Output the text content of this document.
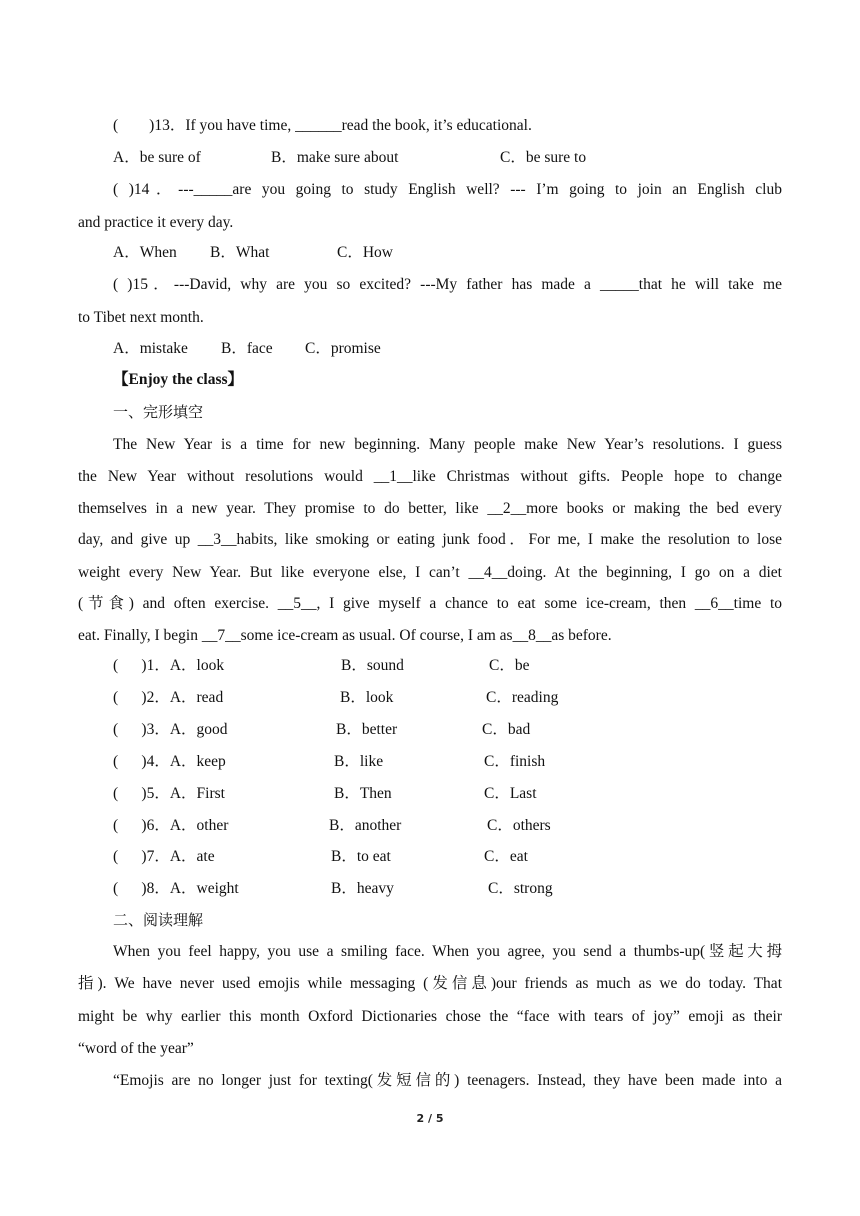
(        )13．If you have time, ______read the book, it’s educational.
A．be sure of	B．make sure about	C．be sure to
( )14．---_____are you going to study English well? --- I’m going to join an English club
and practice it every day.
A．When B．What	C．How
( )15．---David, why are you so excited? ---My father has made a _____that he will take me
to Tibet next month.
A．mistake B．face C．promise
【Enjoy the class】
一、完形填空
The New Year is a time for new beginning. Many people make New Year’s resolutions. I guess
the New Year without resolutions would __1__like Christmas without gifts. People hope to change
themselves in a new year. They promise to do better, like __2__more books or making the bed every
day, and give up __3__habits, like smoking or eating junk food．For me, I make the resolution to lose
weight every New Year. But like everyone else, I can’t __4__doing. At the beginning, I go on a diet
(节食) and often exercise. __5__, I give myself a chance to eat some ice-cream, then __6__time to
eat. Finally, I begin __7__some ice-cream as usual. Of course, I am as__8__as before.
(      )1．A．look	B．sound	C．be
(      )2．A．read	B．look	C．reading
(      )3．A．good	B．better	C．bad
(      )4．A．keep	B．like	C．finish
(      )5．A．First	B．Then	C．Last
(      )6．A．other	B．another	C．others
(      )7．A．ate	B．to eat	C．eat
(      )8．A．weight	B．heavy	C．strong
二、阅读理解
When you feel happy, you use a smiling face. When you agree, you send a thumbs-up(竖起大拇
指). We have never used emojis while messaging (发信息)our friends as much as we do today. That
might be why earlier this month Oxford Dictionaries chose the “face with tears of joy” emoji as their
“word of the year”
“Emojis are no longer just for texting(发短信的) teenagers. Instead, they have been made into a
2 / 5
